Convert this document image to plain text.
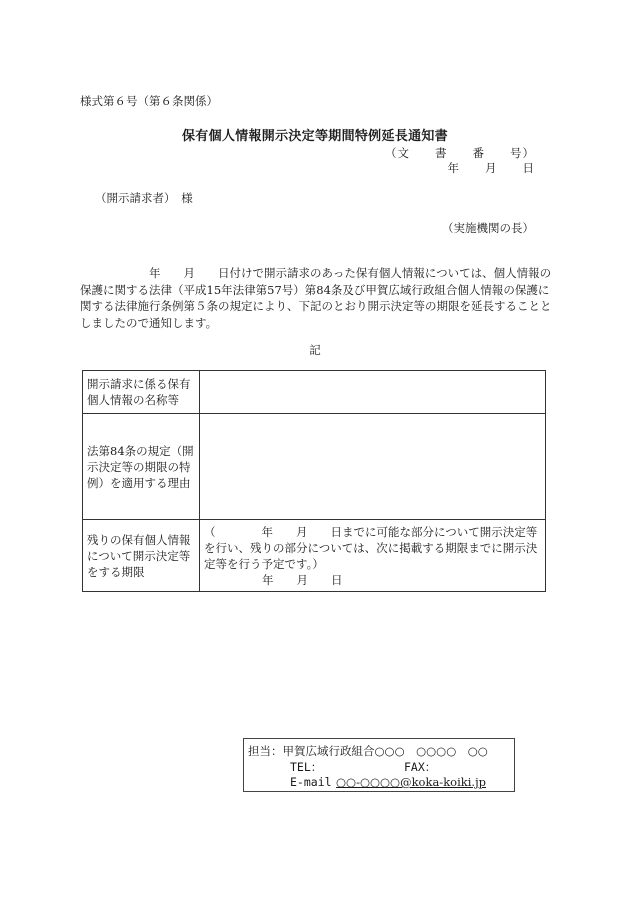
様式第６号（第６条関係）
保有個人情報開示決定等期間特例延長通知書
（文　　書　　番　　号）
年　　月　　日
（開示請求者）　様
（実施機関の長）
　　　　　　年　　月　　日付けで開示請求のあった保有個人情報については、個人情報の保護に関する法律（平成15年法律第57号）第84条及び甲賀広域行政組合個人情報の保護に関する法律施行条例第５条の規定により、下記のとおり開示決定等の期限を延長することとしましたので通知します。
記
開示請求に係る保有個人情報の名称等	

法第84条の規定（開示決定等の期限の特例）を適用する理由	

残りの保有個人情報について開示決定等をする期限	（　　　　年　　月　　日までに可能な部分について開示決定等を行い、残りの部分については、次に掲載する期限までに開示決定等を行う予定です。）
年　　月　　日
担当：甲賀広域行政組合○○○　○○○○　○○
TEL：	FAX：
E-mail ○○-○○○○@koka-koiki.jp
